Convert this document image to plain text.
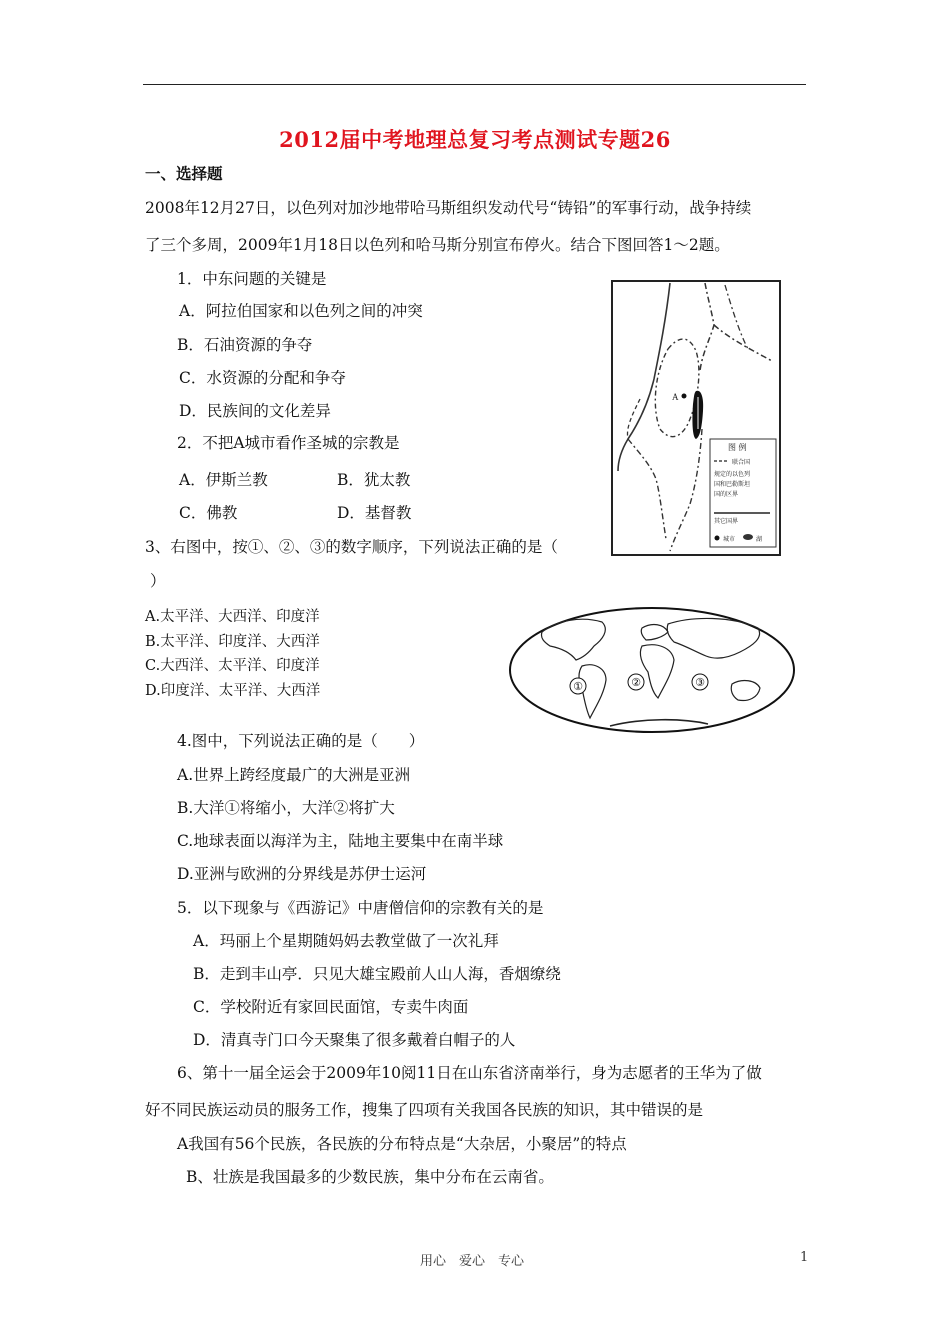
2012届中考地理总复习考点测试专题26
一、选择题
2008年12月27日，以色列对加沙地带哈马斯组织发动代号“铸铅”的军事行动，战争持续
了三个多周，2009年1月18日以色列和哈马斯分别宣布停火。结合下图回答1～2题。
1．中东问题的关键是
A．阿拉伯国家和以色列之间的冲突
B．石油资源的争夺
C．水资源的分配和争夺
D．民族间的文化差异
2．不把A城市看作圣城的宗教是
A．伊斯兰教	B．犹太教
C．佛教	D．基督教
3、右图中，按①、②、③的数字顺序，下列说法正确的是（
）
A.太平洋、大西洋、印度洋
B.太平洋、印度洋、大西洋
C.大西洋、太平洋、印度洋
D.印度洋、太平洋、大西洋
4.图中，下列说法正确的是（　　）
A.世界上跨经度最广的大洲是亚洲
B.大洋①将缩小，大洋②将扩大
C.地球表面以海洋为主，陆地主要集中在南半球
D.亚洲与欧洲的分界线是苏伊士运河
5．以下现象与《西游记》中唐僧信仰的宗教有关的是
A．玛丽上个星期随妈妈去教堂做了一次礼拜
B．走到丰山亭．只见大雄宝殿前人山人海，香烟缭绕
C．学校附近有家回民面馆，专卖牛肉面
D．清真寺门口今天聚集了很多戴着白帽子的人
6、第十一届全运会于2009年10阅11日在山东省济南举行，身为志愿者的王华为了做
好不同民族运动员的服务工作，搜集了四项有关我国各民族的知识，其中错误的是
A我国有56个民族，各民族的分布特点是“大杂居，小聚居”的特点
B、壮族是我国最多的少数民族，集中分布在云南省。
A
图 例
联合国
规定的以色列
国和巴勒斯坦
国的区界
其它国界
城市	湖
①	②	③
用心　爱心　专心	1
